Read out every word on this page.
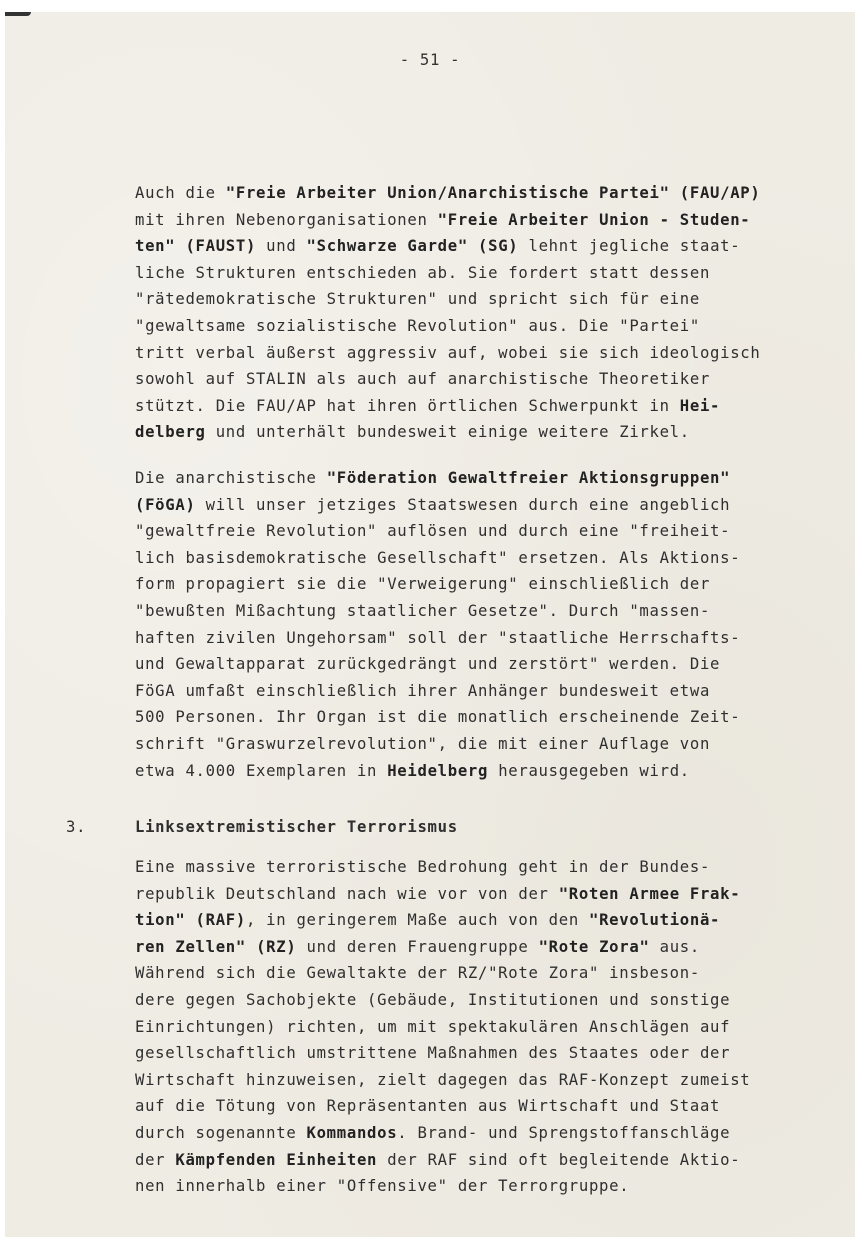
- 51 -
Auch die "Freie Arbeiter Union/Anarchistische Partei" (FAU/AP)
mit ihren Nebenorganisationen "Freie Arbeiter Union - Studen-
ten" (FAUST) und "Schwarze Garde" (SG) lehnt jegliche staat-
liche Strukturen entschieden ab. Sie fordert statt dessen
"rätedemokratische Strukturen" und spricht sich für eine
"gewaltsame sozialistische Revolution" aus. Die "Partei"
tritt verbal äußerst aggressiv auf, wobei sie sich ideologisch
sowohl auf STALIN als auch auf anarchistische Theoretiker
stützt. Die FAU/AP hat ihren örtlichen Schwerpunkt in Hei-
delberg und unterhält bundesweit einige weitere Zirkel.
Die anarchistische "Föderation Gewaltfreier Aktionsgruppen"
(FöGA) will unser jetziges Staatswesen durch eine angeblich
"gewaltfreie Revolution" auflösen und durch eine "freiheit-
lich basisdemokratische Gesellschaft" ersetzen. Als Aktions-
form propagiert sie die "Verweigerung" einschließlich der
"bewußten Mißachtung staatlicher Gesetze". Durch "massen-
haften zivilen Ungehorsam" soll der "staatliche Herrschafts-
und Gewaltapparat zurückgedrängt und zerstört" werden. Die
FöGA umfaßt einschließlich ihrer Anhänger bundesweit etwa
500 Personen. Ihr Organ ist die monatlich erscheinende Zeit-
schrift "Graswurzelrevolution", die mit einer Auflage von
etwa 4.000 Exemplaren in Heidelberg herausgegeben wird.
3.	Linksextremistischer Terrorismus
Eine massive terroristische Bedrohung geht in der Bundes-
republik Deutschland nach wie vor von der "Roten Armee Frak-
tion" (RAF), in geringerem Maße auch von den "Revolutionä-
ren Zellen" (RZ) und deren Frauengruppe "Rote Zora" aus.
Während sich die Gewaltakte der RZ/"Rote Zora" insbeson-
dere gegen Sachobjekte (Gebäude, Institutionen und sonstige
Einrichtungen) richten, um mit spektakulären Anschlägen auf
gesellschaftlich umstrittene Maßnahmen des Staates oder der
Wirtschaft hinzuweisen, zielt dagegen das RAF-Konzept zumeist
auf die Tötung von Repräsentanten aus Wirtschaft und Staat
durch sogenannte Kommandos. Brand- und Sprengstoffanschläge
der Kämpfenden Einheiten der RAF sind oft begleitende Aktio-
nen innerhalb einer "Offensive" der Terrorgruppe.
